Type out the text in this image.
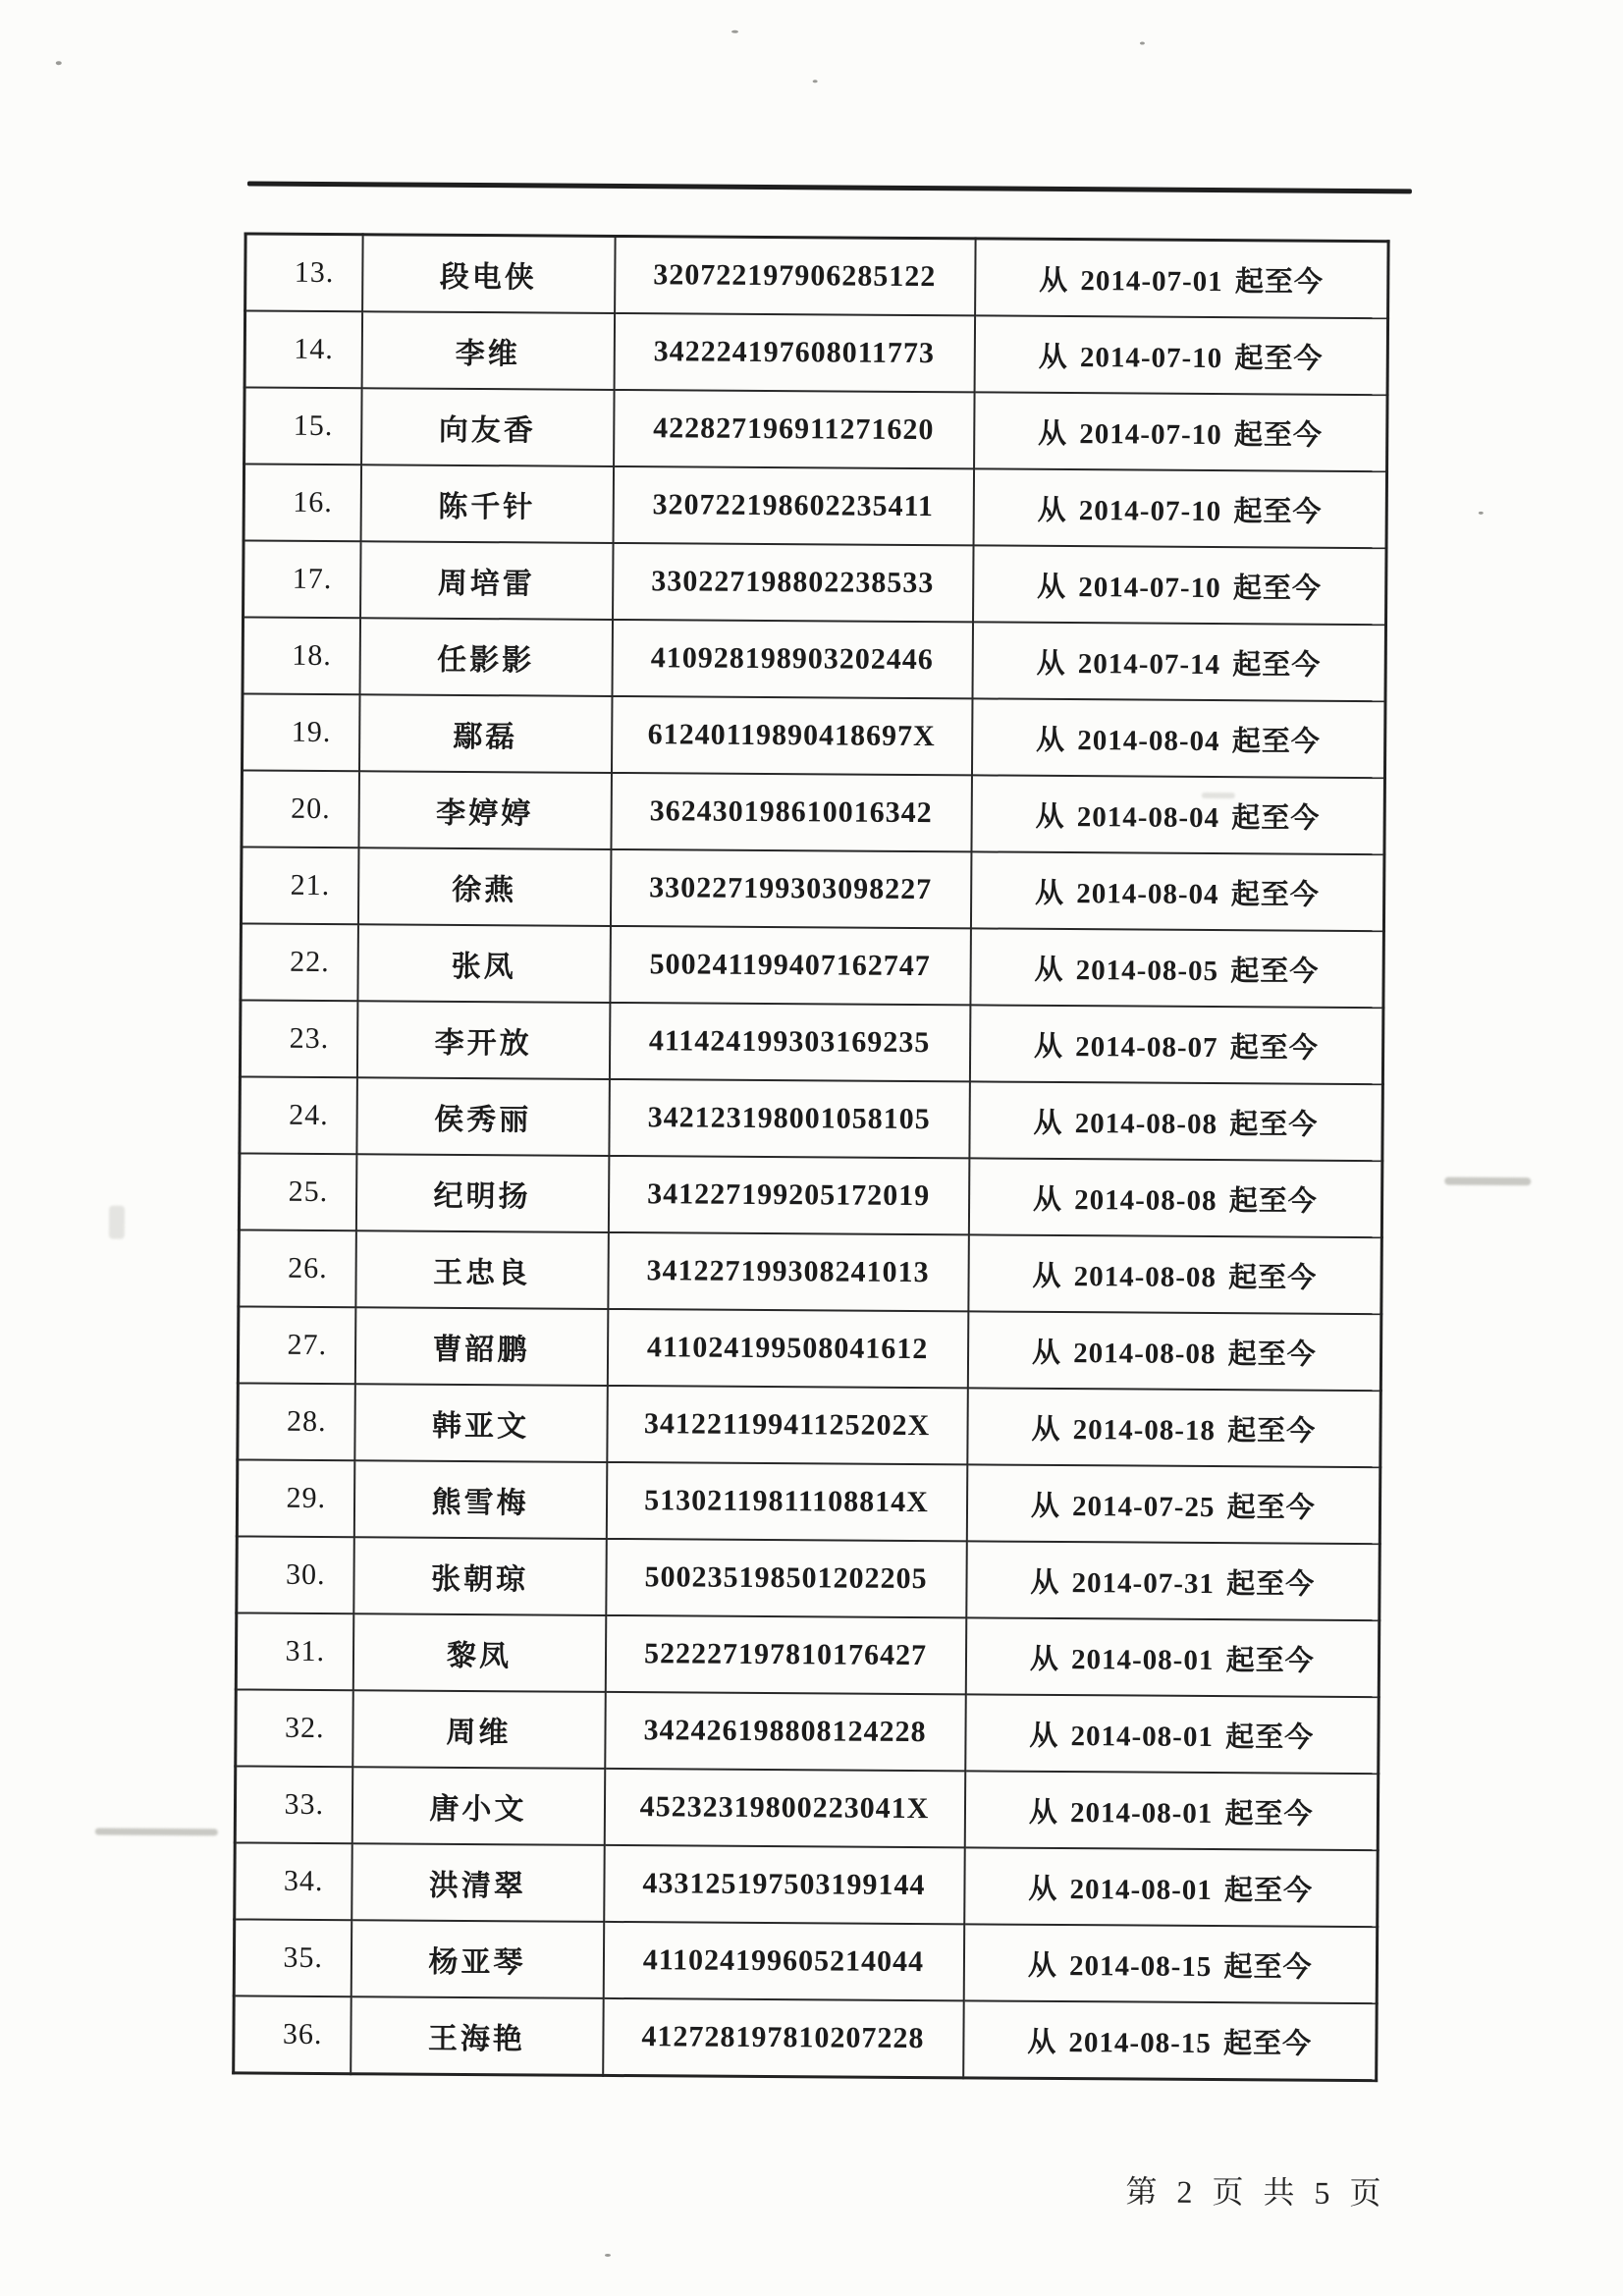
13.	段电侠	320722197906285122	从 2014-07-01 起至今
14.	李维	342224197608011773	从 2014-07-10 起至今
15.	向友香	422827196911271620	从 2014-07-10 起至今
16.	陈千针	320722198602235411	从 2014-07-10 起至今
17.	周培雷	330227198802238533	从 2014-07-10 起至今
18.	任影影	410928198903202446	从 2014-07-14 起至今
19.	鄢磊	61240119890418697X	从 2014-08-04 起至今
20.	李婷婷	362430198610016342	从 2014-08-04 起至今
21.	徐燕	330227199303098227	从 2014-08-04 起至今
22.	张凤	500241199407162747	从 2014-08-05 起至今
23.	李开放	411424199303169235	从 2014-08-07 起至今
24.	侯秀丽	342123198001058105	从 2014-08-08 起至今
25.	纪明扬	341227199205172019	从 2014-08-08 起至今
26.	王忠良	341227199308241013	从 2014-08-08 起至今
27.	曹韶鹏	411024199508041612	从 2014-08-08 起至今
28.	韩亚文	34122119941125202X	从 2014-08-18 起至今
29.	熊雪梅	51302119811108814X	从 2014-07-25 起至今
30.	张朝琼	500235198501202205	从 2014-07-31 起至今
31.	黎凤	522227197810176427	从 2014-08-01 起至今
32.	周维	342426198808124228	从 2014-08-01 起至今
33.	唐小文	45232319800223041X	从 2014-08-01 起至今
34.	洪清翠	433125197503199144	从 2014-08-01 起至今
35.	杨亚琴	411024199605214044	从 2014-08-15 起至今
36.	王海艳	412728197810207228	从 2014-08-15 起至今
第 2 页 共 5 页
